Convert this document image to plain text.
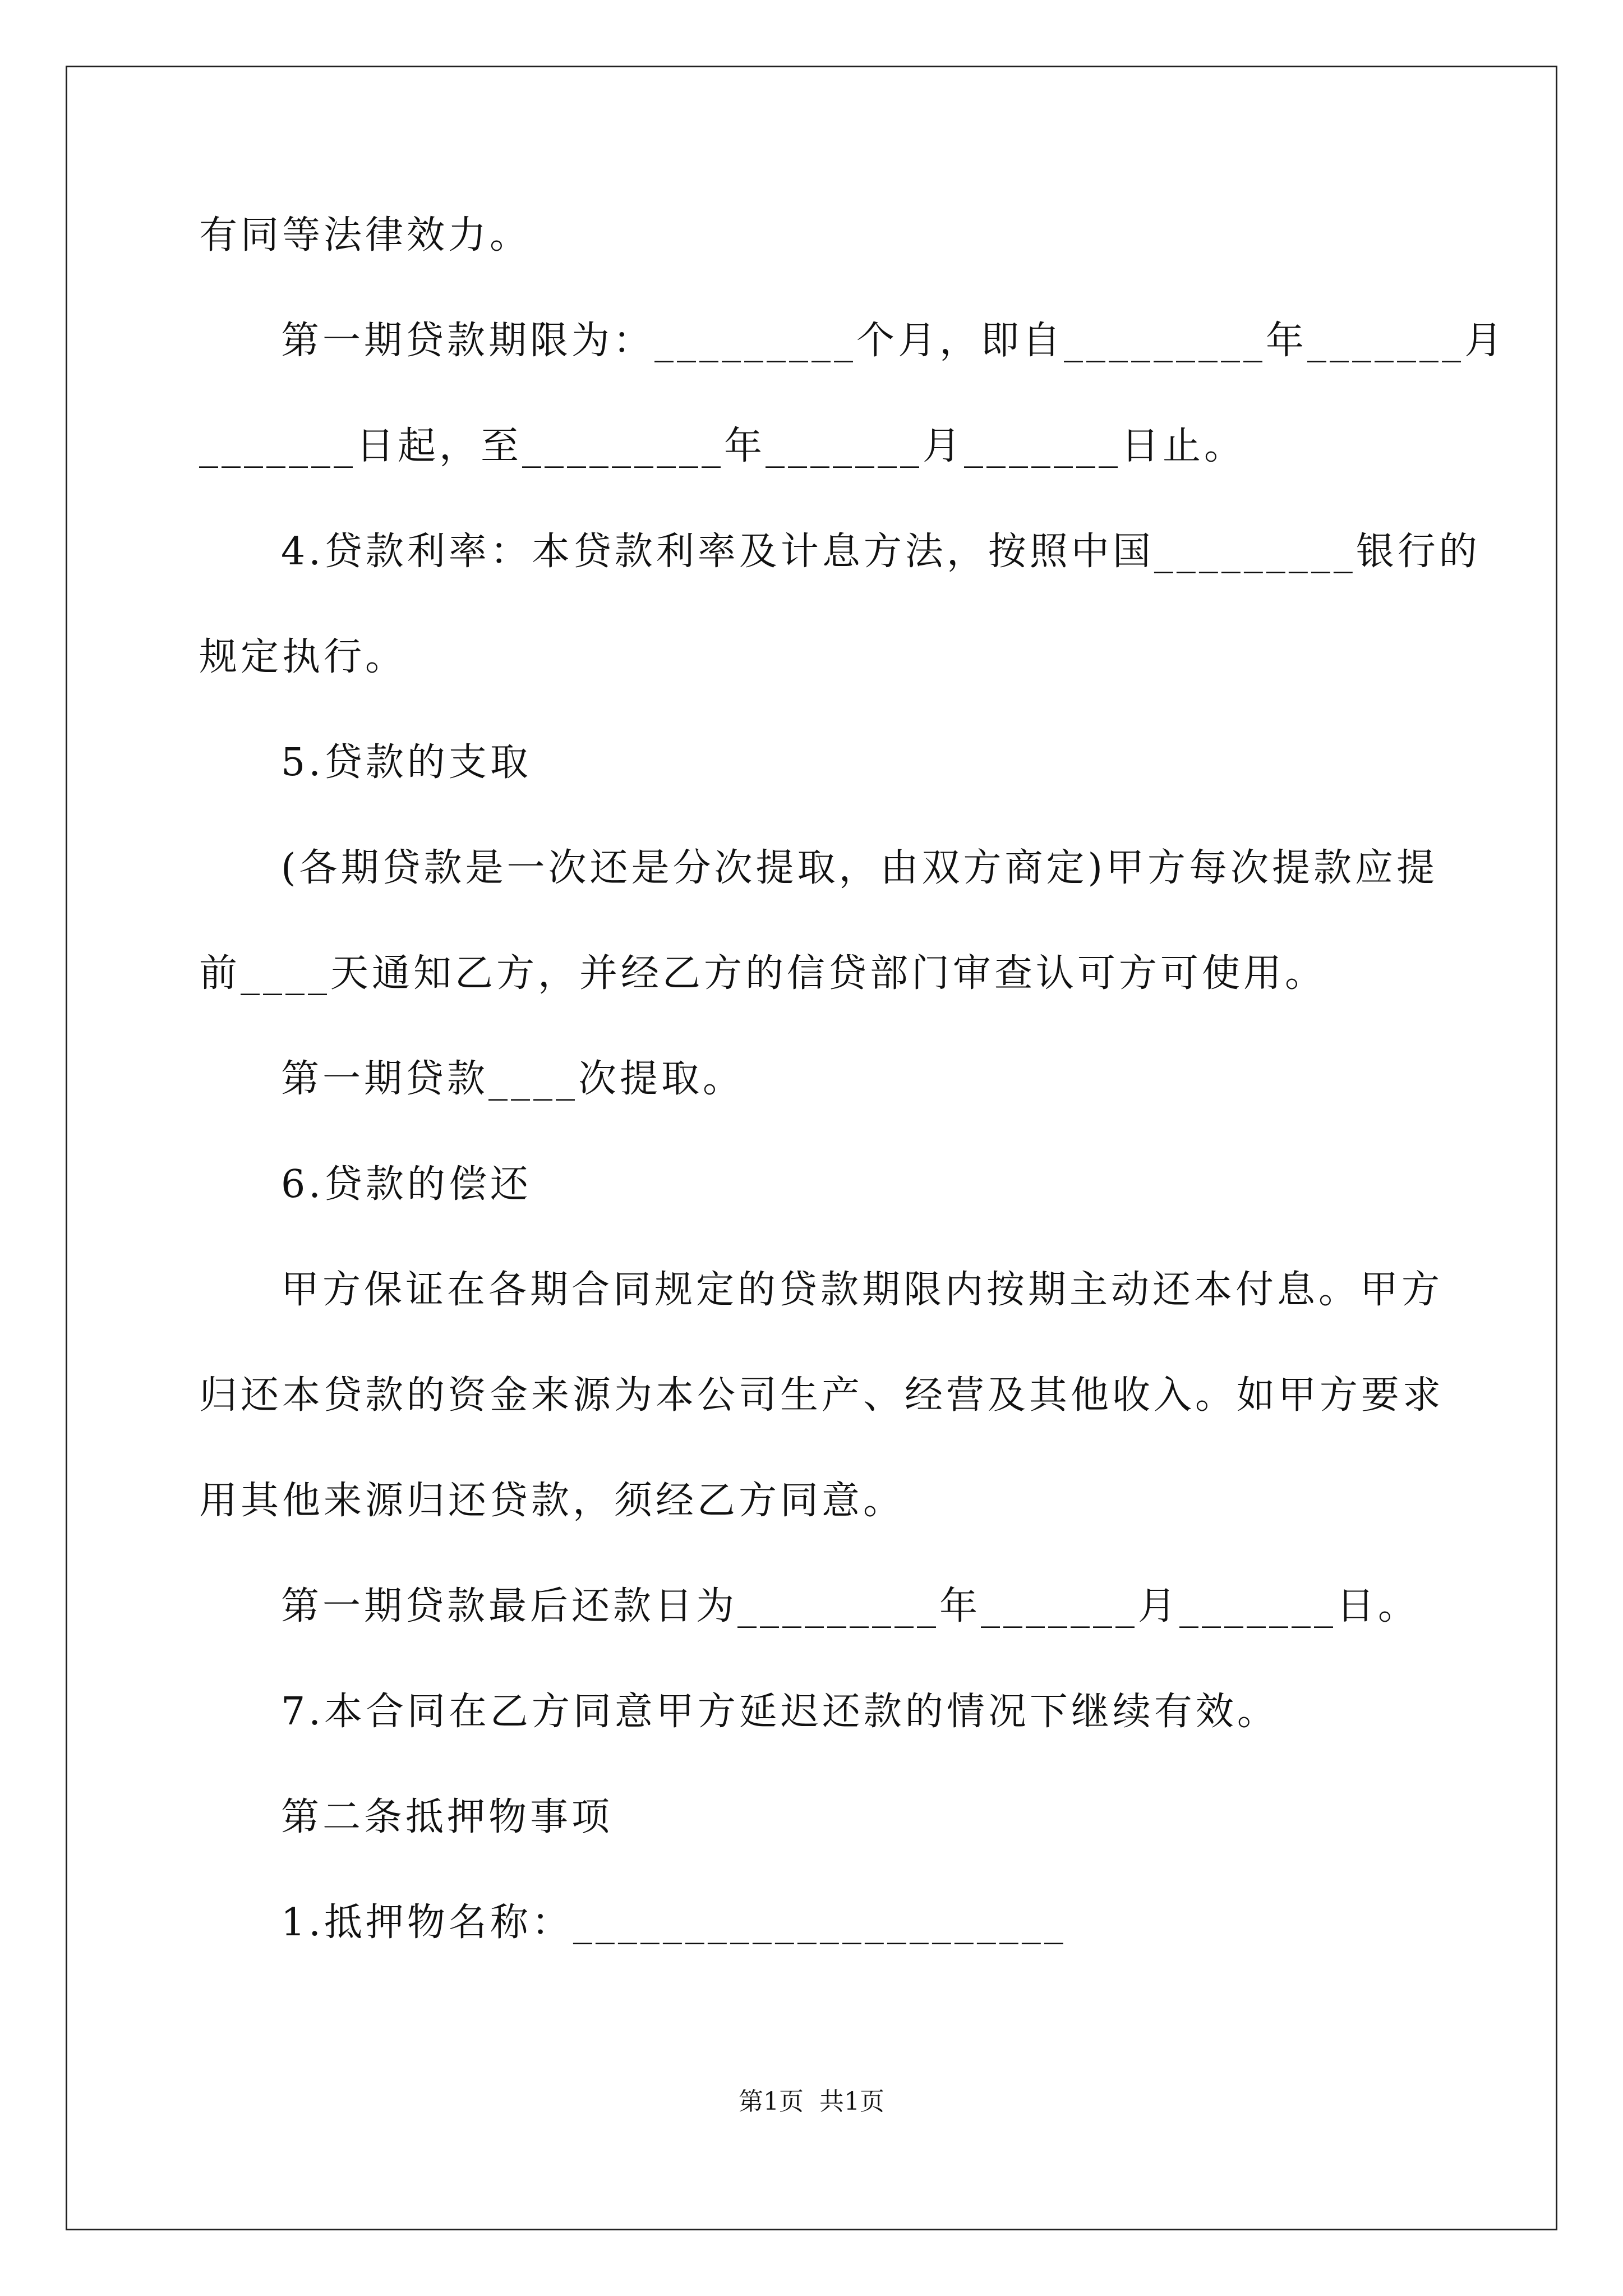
有同等法律效力。
第一期贷款期限为：_________个月，即自_________年_______月
_______日起，至_________年_______月_______日止。
4.贷款利率：本贷款利率及计息方法，按照中国_________银行的
规定执行。
5.贷款的支取
(各期贷款是一次还是分次提取，由双方商定)甲方每次提款应提
前____天通知乙方，并经乙方的信贷部门审查认可方可使用。
第一期贷款____次提取。
6.贷款的偿还
甲方保证在各期合同规定的贷款期限内按期主动还本付息。甲方
归还本贷款的资金来源为本公司生产、经营及其他收入。如甲方要求
用其他来源归还贷款，须经乙方同意。
第一期贷款最后还款日为_________年_______月_______日。
7.本合同在乙方同意甲方延迟还款的情况下继续有效。
第二条抵押物事项
1.抵押物名称：______________________
第1页 共1页
